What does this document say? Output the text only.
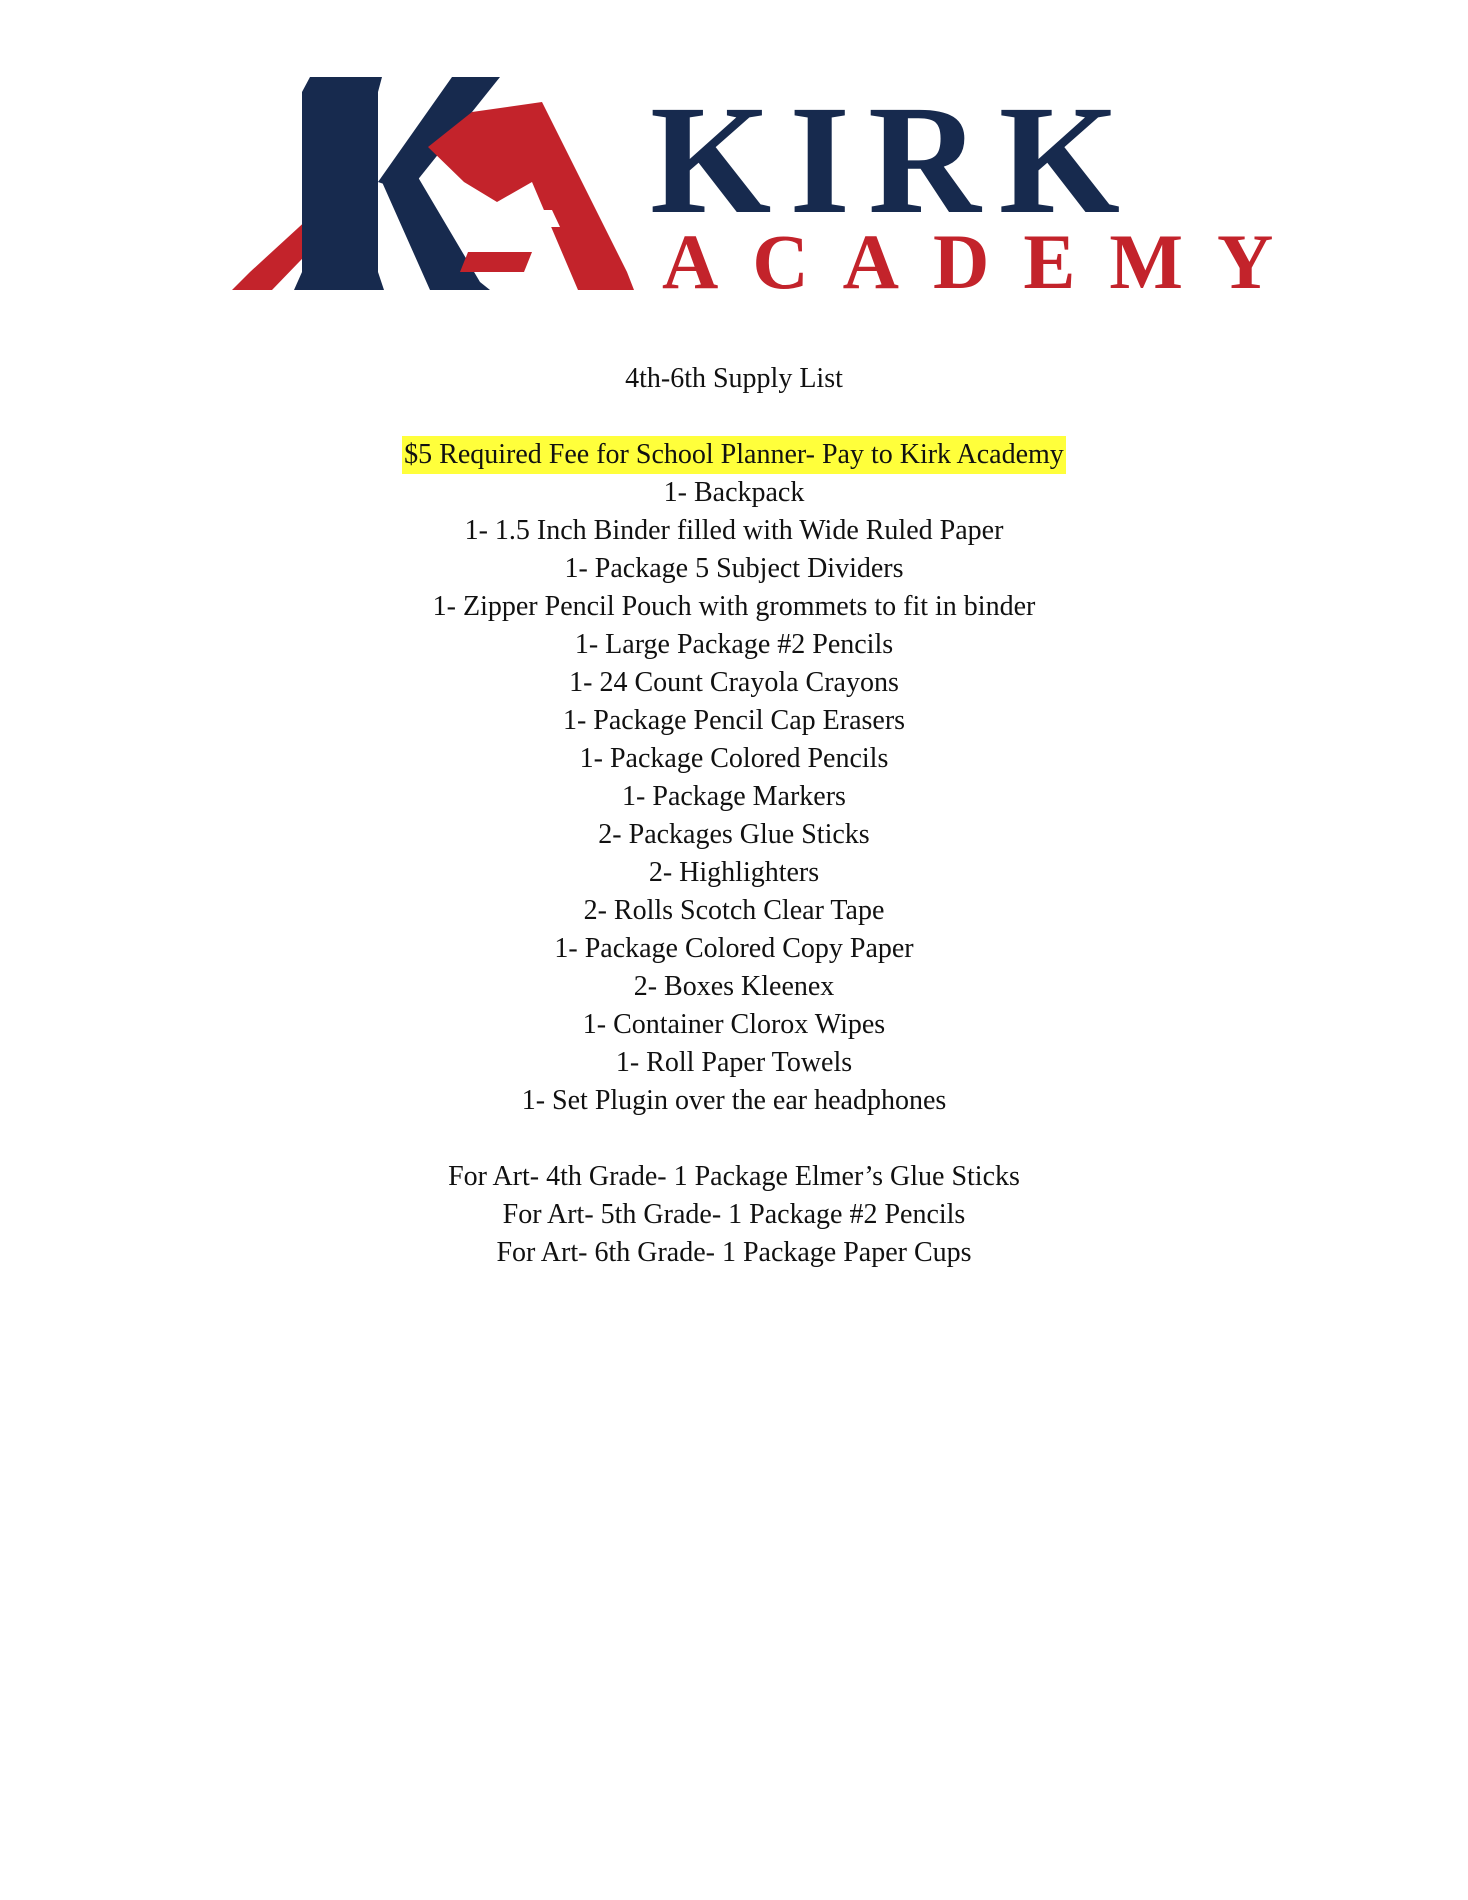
KIRK
ACADEMY
4th-6th Supply List
$5 Required Fee for School Planner- Pay to Kirk Academy
1- Backpack
1- 1.5 Inch Binder filled with Wide Ruled Paper
1- Package 5 Subject Dividers
1- Zipper Pencil Pouch with grommets to fit in binder
1- Large Package #2 Pencils
1- 24 Count Crayola Crayons
1- Package Pencil Cap Erasers
1- Package Colored Pencils
1- Package Markers
2- Packages Glue Sticks
2- Highlighters
2- Rolls Scotch Clear Tape
1- Package Colored Copy Paper
2- Boxes Kleenex
1- Container Clorox Wipes
1- Roll Paper Towels
1- Set Plugin over the ear headphones
For Art- 4th Grade- 1 Package Elmer’s Glue Sticks
For Art- 5th Grade- 1 Package #2 Pencils
For Art- 6th Grade- 1 Package Paper Cups
